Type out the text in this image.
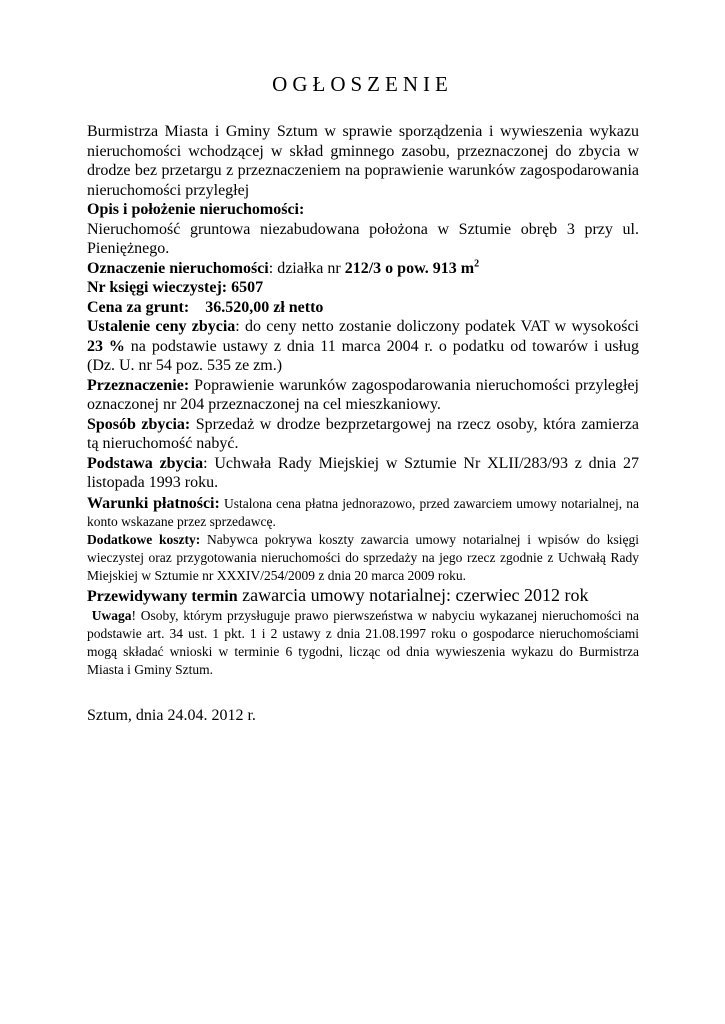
OGŁOSZENIE

Burmistrza Miasta i Gminy Sztum w sprawie sporządzenia i wywieszenia wykazu nieruchomości wchodzącej w skład gminnego zasobu, przeznaczonej do zbycia w drodze bez przetargu z przeznaczeniem na poprawienie warunków zagospodarowania nieruchomości przyległej

Opis i położenie nieruchomości:

Nieruchomość gruntowa niezabudowana położona w Sztumie obręb 3 przy ul. Pieniężnego.

Oznaczenie nieruchomości: działka nr 212/3 o pow. 913 $m^2$

Nr księgi wieczystej: 6507

Cena za grunt: 36.520,00 zł netto

Ustalenie ceny zbycia: do ceny netto zostanie doliczony podatek VAT w wysokości 23 % na podstawie ustawy z dnia 11 marca 2004 r. o podatku od towarów i usług (Dz. U. nr 54 poz. 535 ze zm.)

Przeznaczenie: Poprawienie warunków zagospodarowania nieruchomości przyległej oznaczonej nr 204 przeznaczonej na cel mieszkaniowy.

Sposób zbycia: Sprzedaż w drodze bezprzetargowej na rzecz osoby, która zamierza tą nieruchomość nabyć.

Podstawa zbycia: Uchwała Rady Miejskiej w Sztumie Nr XLII/283/93 z dnia 27 listopada 1993 roku.

Warunki płatności: Ustalona cena płatna jednorazowo, przed zawarciem umowy notarialnej, na konto wskazane przez sprzedawcę.

Dodatkowe koszty: Nabywca pokrywa koszty zawarcia umowy notarialnej i wpisów do księgi wieczystej oraz przygotowania nieruchomości do sprzedaży na jego rzecz zgodnie z Uchwałą Rady Miejskiej w Sztumie nr XXXIV/254/2009 z dnia 20 marca 2009 roku.

Przewidywany termin zawarcia umowy notarialnej: czerwiec 2012 rok

Uwaga! Osoby, którym przysługuje prawo pierwszeństwa w nabyciu wykazanej nieruchomości na podstawie art. 34 ust. 1 pkt. 1 i 2 ustawy z dnia 21.08.1997 roku o gospodarce nieruchomościami mogą składać wnioski w terminie 6 tygodni, licząc od dnia wywieszenia wykazu do Burmistrza Miasta i Gminy Sztum.

Sztum, dnia 24.04. 2012 r.
